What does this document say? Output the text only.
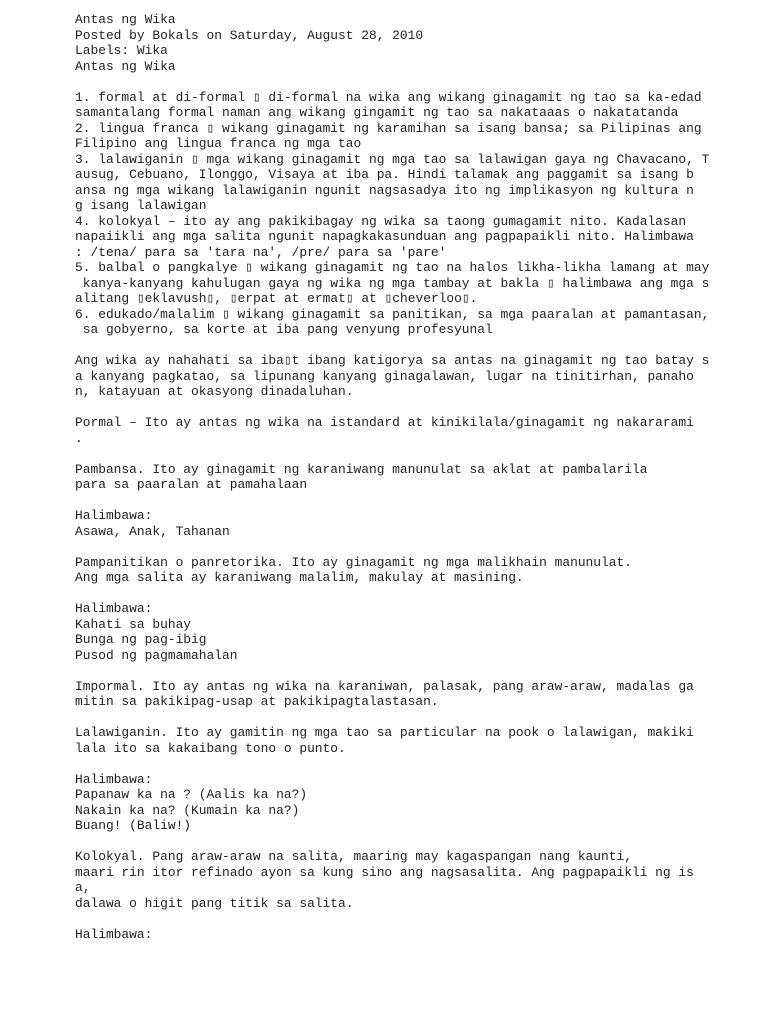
Antas ng Wika
Posted by Bokals on Saturday, August 28, 2010
Labels: Wika
Antas ng Wika
1. formal at di-formal ▯ di-formal na wika ang wikang ginagamit ng tao sa ka-edad
samantalang formal naman ang wikang gingamit ng tao sa nakataaas o nakatatanda
2. lingua franca ▯ wikang ginagamit ng karamihan sa isang bansa; sa Pilipinas ang
Filipino ang lingua franca ng mga tao
3. lalawiganin ▯ mga wikang ginagamit ng mga tao sa lalawigan gaya ng Chavacano, T
ausug, Cebuano, Ilonggo, Visaya at iba pa. Hindi talamak ang paggamit sa isang b
ansa ng mga wikang lalawiganin ngunit nagsasadya ito ng implikasyon ng kultura n
g isang lalawigan
4. kolokyal – ito ay ang pakikibagay ng wika sa taong gumagamit nito. Kadalasan
napaiikli ang mga salita ngunit napagkakasunduan ang pagpapaikli nito. Halimbawa
: /tena/ para sa 'tara na', /pre/ para sa 'pare'
5. balbal o pangkalye ▯ wikang ginagamit ng tao na halos likha-likha lamang at may
kanya-kanyang kahulugan gaya ng wika ng mga tambay at bakla ▯ halimbawa ang mga s
alitang ▯eklavush▯, ▯erpat at ermat▯ at ▯cheverloo▯.
6. edukado/malalim ▯ wikang ginagamit sa panitikan, sa mga paaralan at pamantasan,
sa gobyerno, sa korte at iba pang venyung profesyunal
Ang wika ay nahahati sa iba▯t ibang katigorya sa antas na ginagamit ng tao batay s
a kanyang pagkatao, sa lipunang kanyang ginagalawan, lugar na tinitirhan, panaho
n, katayuan at okasyong dinadaluhan.
Pormal – Ito ay antas ng wika na istandard at kinikilala/ginagamit ng nakararami
.
Pambansa. Ito ay ginagamit ng karaniwang manunulat sa aklat at pambalarila
para sa paaralan at pamahalaan
Halimbawa:
Asawa, Anak, Tahanan
Pampanitikan o panretorika. Ito ay ginagamit ng mga malikhain manunulat.
Ang mga salita ay karaniwang malalim, makulay at masining.
Halimbawa:
Kahati sa buhay
Bunga ng pag-ibig
Pusod ng pagmamahalan
Impormal. Ito ay antas ng wika na karaniwan, palasak, pang araw-araw, madalas ga
mitin sa pakikipag-usap at pakikipagtalastasan.
Lalawiganin. Ito ay gamitin ng mga tao sa particular na pook o lalawigan, makiki
lala ito sa kakaibang tono o punto.
Halimbawa:
Papanaw ka na ? (Aalis ka na?)
Nakain ka na? (Kumain ka na?)
Buang! (Baliw!)
Kolokyal. Pang araw-araw na salita, maaring may kagaspangan nang kaunti,
maari rin itor refinado ayon sa kung sino ang nagsasalita. Ang pagpapaikli ng is
a,
dalawa o higit pang titik sa salita.
Halimbawa:
